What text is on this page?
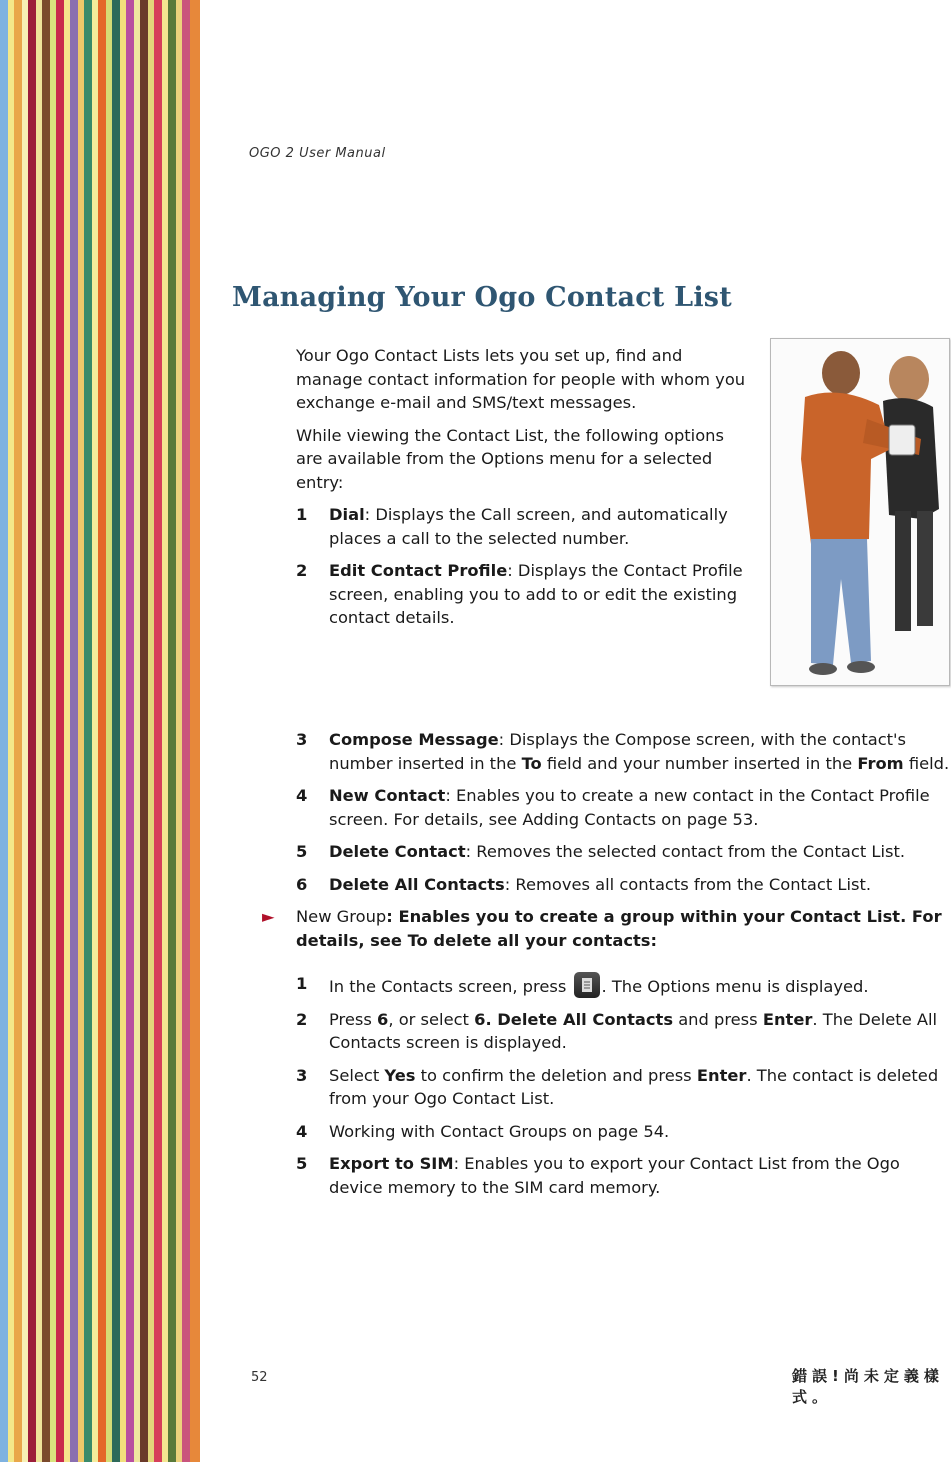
OGO 2 User Manual
Managing Your Ogo Contact List

Your Ogo Contact Lists lets you set up, find and manage contact information for people with whom you exchange e-mail and SMS/text messages.

While viewing the Contact List, the following options are available from the Options menu for a selected entry:

1	Dial: Displays the Call screen, and automatically places a call to the selected number.
2	Edit Contact Profile: Displays the Contact Profile screen, enabling you to add to or edit the existing contact details.
3	Compose Message: Displays the Compose screen, with the contact's number inserted in the To field and your number inserted in the From field.
4	New Contact: Enables you to create a new contact in the Contact Profile screen. For details, see Adding Contacts on page 53.
5	Delete Contact: Removes the selected contact from the Contact List.
6	Delete All Contacts: Removes all contacts from the Contact List.
►	New Group: Enables you to create a group within your Contact List. For details, see To delete all your contacts:
1	In the Contacts screen, press . The Options menu is displayed.
2	Press 6, or select 6. Delete All Contacts and press Enter. The Delete All Contacts screen is displayed.
3	Select Yes to confirm the deletion and press Enter. The contact is deleted from your Ogo Contact List.
4	Working with Contact Groups on page 54.
5	Export to SIM: Enables you to export your Contact List from the Ogo device memory to the SIM card memory.
52	錯誤!尚未定義樣式。
